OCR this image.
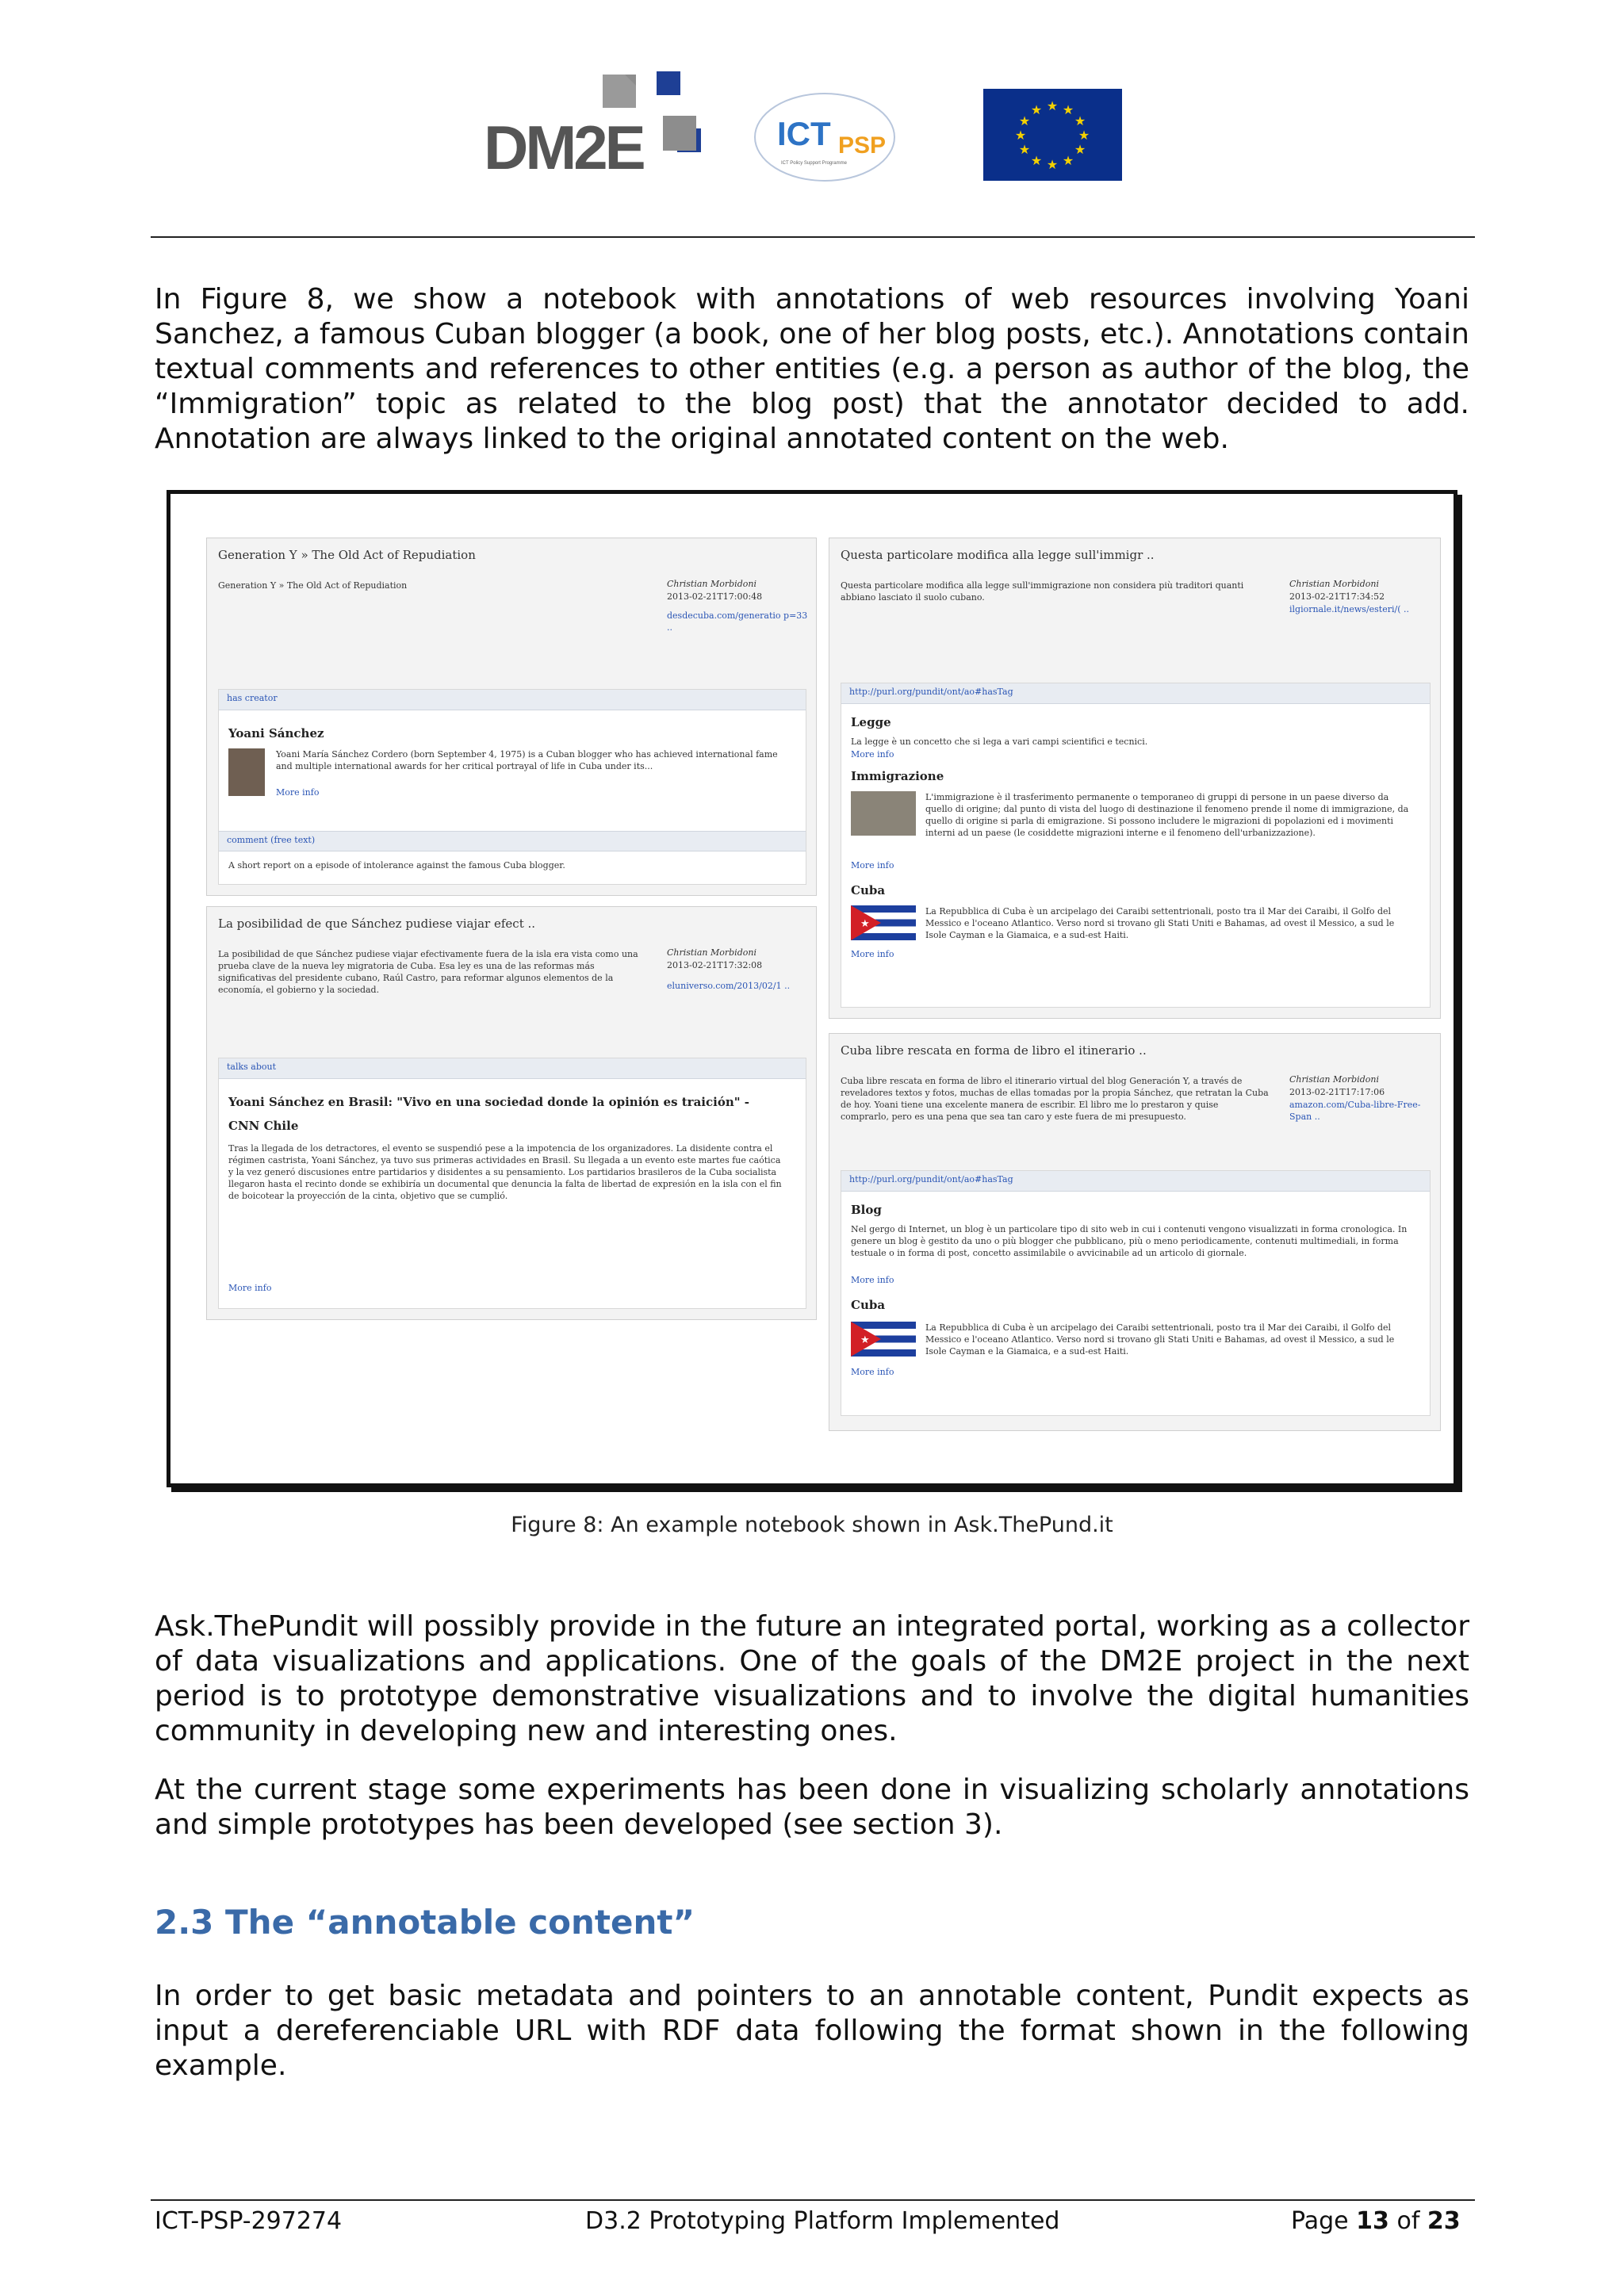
DM2E	ICT PSP
ICT Policy Support Programme
★ ★
★
★
★
★
★
★
★
★
★
★
In Figure 8, we show a notebook with annotations of web resources involving Yoani Sanchez, a famous Cuban blogger (a book, one of her blog posts, etc.). Annotations contain textual comments and references to other entities (e.g. a person as author of the blog, the “Immigration” topic as related to the blog post) that the annotator decided to add. Annotation are always linked to the original annotated content on the web.
Generation Y » The Old Act of Repudiation
Generation Y » The Old Act of Repudiation	Christian Morbidoni
2013-02-21T17:00:48
desdecuba.com/generatio p=33 ..
has creator
Yoani Sánchez
Yoani María Sánchez Cordero (born September 4, 1975) is a Cuban blogger who has achieved international fame and multiple international awards for her critical portrayal of life in Cuba under its...
More info
comment (free text)
A short report on a episode of intolerance against the famous Cuba blogger.
La posibilidad de que Sánchez pudiese viajar efect ..
La posibilidad de que Sánchez pudiese viajar efectivamente fuera de la isla era vista como una prueba clave de la nueva ley migratoria de Cuba. Esa ley es una de las reformas más significativas del presidente cubano, Raúl Castro, para reformar algunos elementos de la economía, el gobierno y la sociedad.
Christian Morbidoni
2013-02-21T17:32:08
eluniverso.com/2013/02/1 ..
talks about
Yoani Sánchez en Brasil: "Vivo en una sociedad donde la opinión es traición" - CNN Chile
Tras la llegada de los detractores, el evento se suspendió pese a la impotencia de los organizadores. La disidente contra el régimen castrista, Yoani Sánchez, ya tuvo sus primeras actividades en Brasil. Su llegada a un evento este martes fue caótica y la vez generó discusiones entre partidarios y disidentes a su pensamiento. Los partidarios brasileros de la Cuba socialista llegaron hasta el recinto donde se exhibiría un documental que denuncia la falta de libertad de expresión en la isla con el fin de boicotear la proyección de la cinta, objetivo que se cumplió.
More info
Questa particolare modifica alla legge sull'immigr ..
Questa particolare modifica alla legge sull'immigrazione non considera più traditori quanti abbiano lasciato il suolo cubano.
Christian Morbidoni
2013-02-21T17:34:52
ilgiornale.it/news/esteri/( ..
http://purl.org/pundit/ont/ao#hasTag
Legge
La legge è un concetto che si lega a vari campi scientifici e tecnici.
More info
Immigrazione
L'immigrazione è il trasferimento permanente o temporaneo di gruppi di persone in un paese diverso da quello di origine; dal punto di vista del luogo di destinazione il fenomeno prende il nome di immigrazione, da quello di origine si parla di emigrazione. Si possono includere le migrazioni di popolazioni ed i movimenti interni ad un paese (le cosiddette migrazioni interne e il fenomeno dell'urbanizzazione).
More info
Cuba
★
La Repubblica di Cuba è un arcipelago dei Caraibi settentrionali, posto tra il Mar dei Caraibi, il Golfo del Messico e l'oceano Atlantico. Verso nord si trovano gli Stati Uniti e Bahamas, ad ovest il Messico, a sud le Isole Cayman e la Giamaica, e a sud-est Haiti.
More info
Cuba libre rescata en forma de libro el itinerario ..
Cuba libre rescata en forma de libro el itinerario virtual del blog Generación Y, a través de reveladores textos y fotos, muchas de ellas tomadas por la propia Sánchez, que retratan la Cuba de hoy. Yoani tiene una excelente manera de escribir. El libro me lo prestaron y quise comprarlo, pero es una pena que sea tan caro y este fuera de mi presupuesto.
Christian Morbidoni
2013-02-21T17:17:06
amazon.com/Cuba-libre-Free-Span ..
http://purl.org/pundit/ont/ao#hasTag
Blog
Nel gergo di Internet, un blog è un particolare tipo di sito web in cui i contenuti vengono visualizzati in forma cronologica. In genere un blog è gestito da uno o più blogger che pubblicano, più o meno periodicamente, contenuti multimediali, in forma testuale o in forma di post, concetto assimilabile o avvicinabile ad un articolo di giornale.
More info
Cuba
★
La Repubblica di Cuba è un arcipelago dei Caraibi settentrionali, posto tra il Mar dei Caraibi, il Golfo del Messico e l'oceano Atlantico. Verso nord si trovano gli Stati Uniti e Bahamas, ad ovest il Messico, a sud le Isole Cayman e la Giamaica, e a sud-est Haiti.
More info
Figure 8: An example notebook shown in Ask.ThePund.it
Ask.ThePundit will possibly provide in the future an integrated portal, working as a collector of data visualizations and applications. One of the goals of the DM2E project in the next period is to prototype demonstrative visualizations and to involve the digital humanities community in developing new and interesting ones.
At the current stage some experiments has been done in visualizing scholarly annotations and simple prototypes has been developed (see section 3).
2.3 The “annotable content”
In order to get basic metadata and pointers to an annotable content, Pundit expects as input a dereferenciable URL with RDF data following the format shown in the following example.
ICT-PSP-297274	D3.2 Prototyping Platform Implemented	Page 13 of 23
